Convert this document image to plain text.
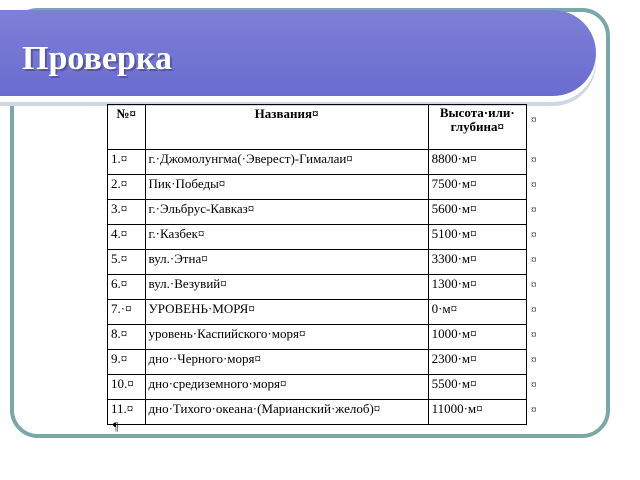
Проверка
№¤	Названия¤	Высота·или·
глубина¤
1.¤	г.·Джомолунгма(·Эверест)-Гималаи¤	8800·м¤
2.¤	Пик·Победы¤	7500·м¤
3.¤	г.·Эльбрус-Кавказ¤	5600·м¤
4.¤	г.·Казбек¤	5100·м¤
5.¤	вул.·Этна¤	3300·м¤
6.¤	вул.·Везувий¤	1300·м¤
7.·¤	УРОВЕНЬ·МОРЯ¤	0·м¤
8.¤	уровень·Каспийского·моря¤	1000·м¤
9.¤	дно··Черного·моря¤	2300·м¤
10.¤	дно·средиземного·моря¤	5500·м¤
11.¤	дно·Тихого·океана·(Марианский·желоб)¤	11000·м¤
¤
¤
¤
¤
¤
¤
¤
¤
¤
¤
¤
¤
¶
